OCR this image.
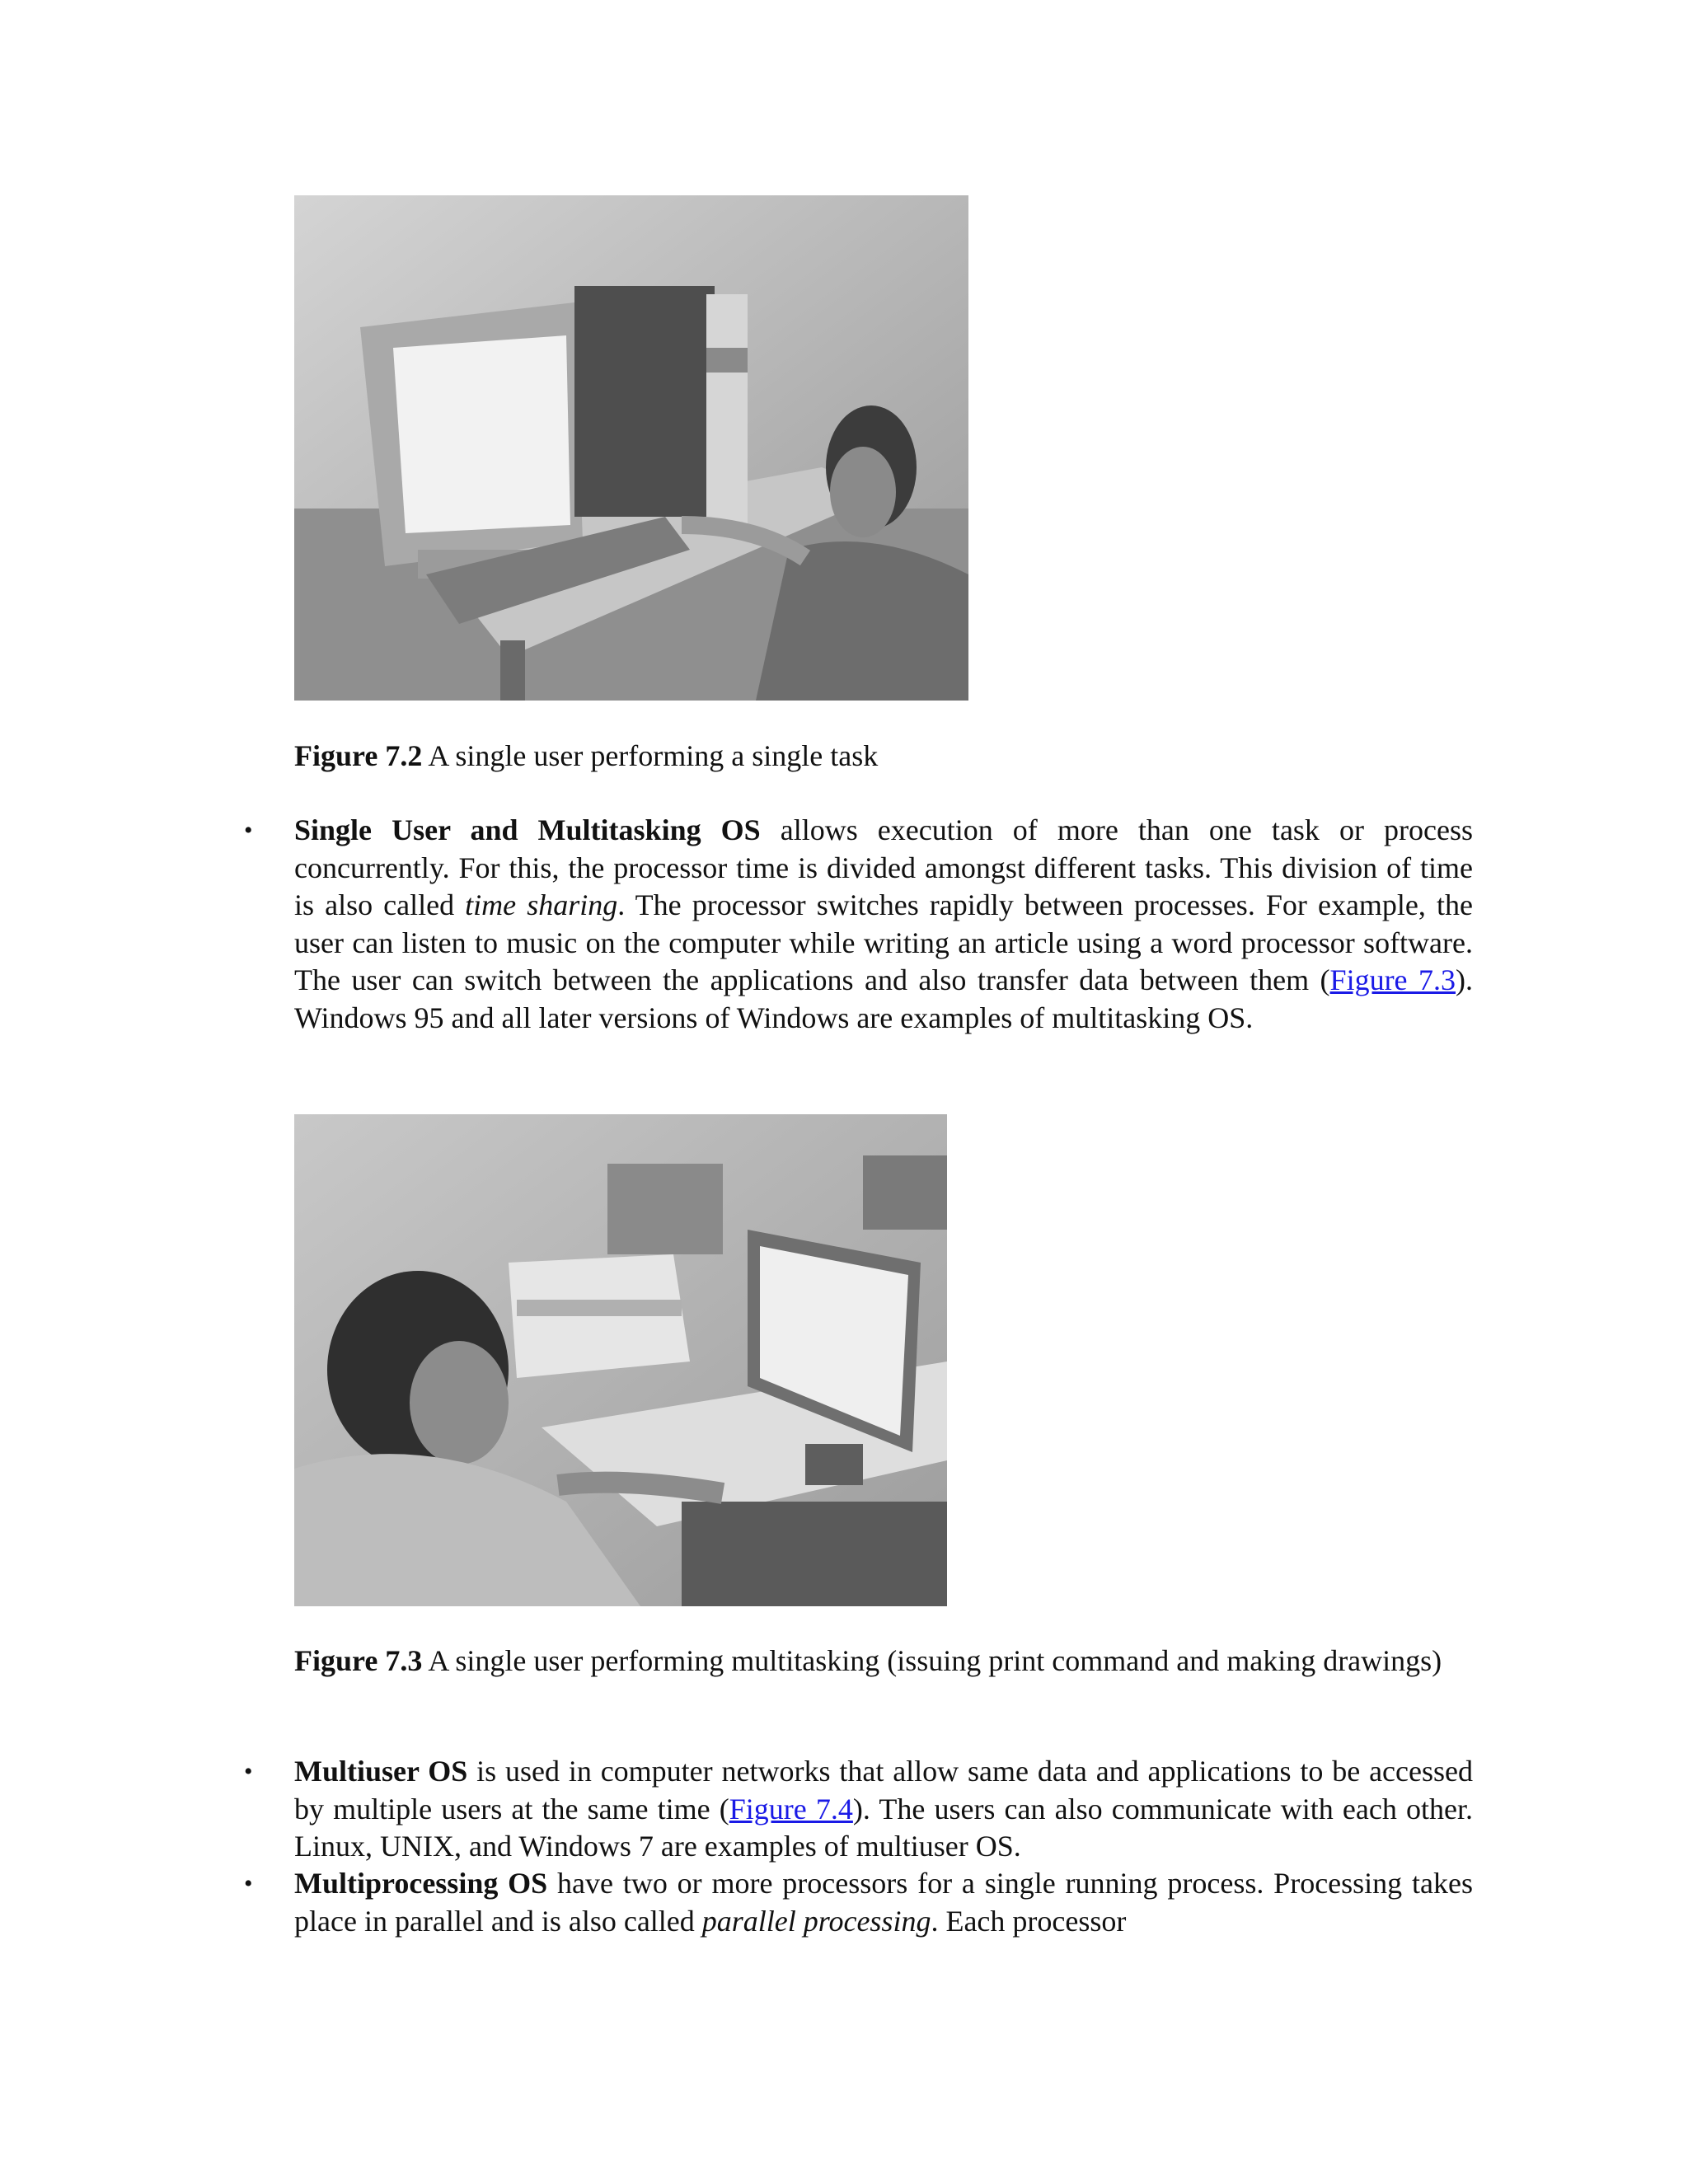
Figure 7.2 A single user performing a single task
• Single User and Multitasking OS allows execution of more than one task or process concurrently. For this, the processor time is divided amongst different tasks. This division of time is also called time sharing. The processor switches rapidly between processes. For example, the user can listen to music on the computer while writing an article using a word processor software. The user can switch between the applications and also transfer data between them (Figure 7.3). Windows 95 and all later versions of Windows are examples of multitasking OS.
Figure 7.3 A single user performing multitasking (issuing print command and making drawings)
• Multiuser OS is used in computer networks that allow same data and applications to be accessed by multiple users at the same time (Figure 7.4). The users can also communicate with each other. Linux, UNIX, and Windows 7 are examples of multiuser OS.
• Multiprocessing OS have two or more processors for a single running process. Processing takes place in parallel and is also called parallel processing. Each processor
